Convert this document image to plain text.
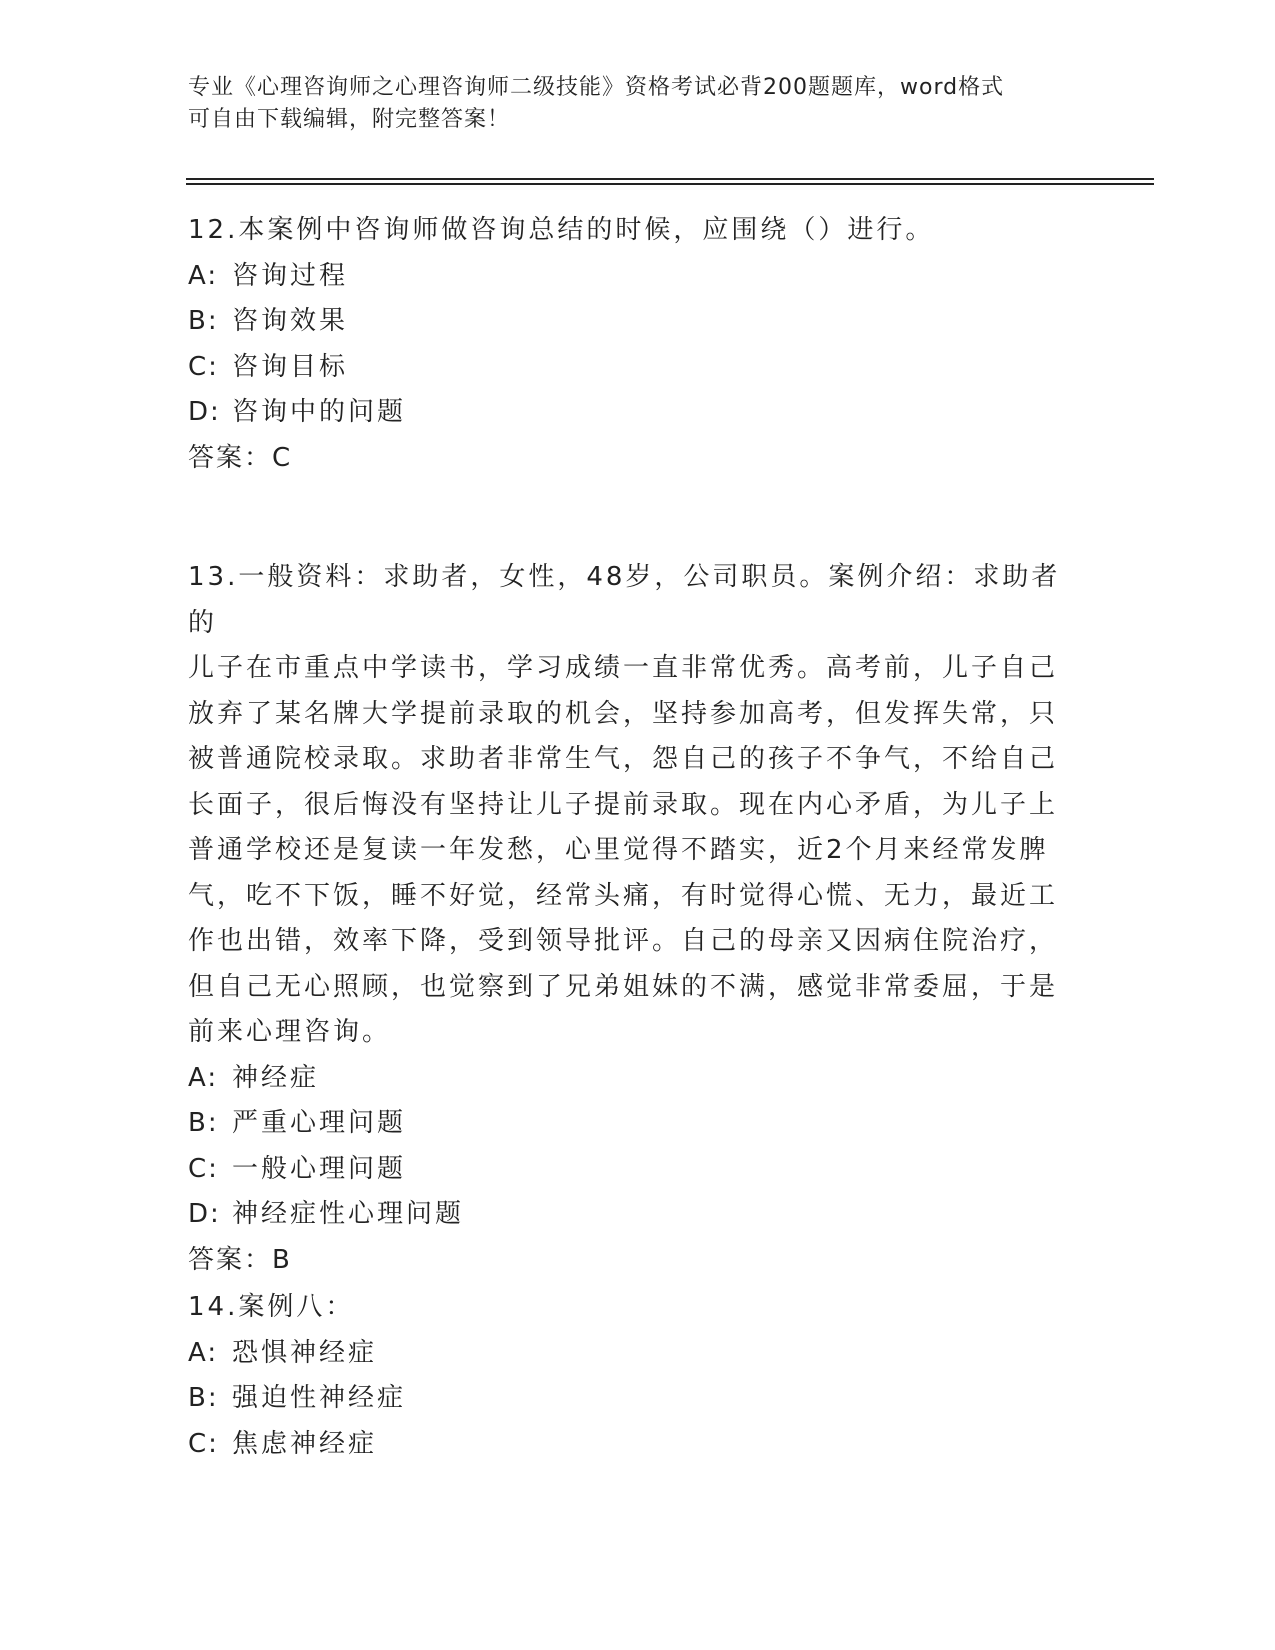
专业《心理咨询师之心理咨询师二级技能》资格考试必背200题题库，word格式
可自由下载编辑，附完整答案！

12.本案例中咨询师做咨询总结的时候，应围绕（）进行。

A: 咨询过程

B: 咨询效果

C: 咨询目标

D: 咨询中的问题

答案：C

13.一般资料：求助者，女性，48岁，公司职员。案例介绍：求助者的

儿子在市重点中学读书，学习成绩一直非常优秀。高考前，儿子自己

放弃了某名牌大学提前录取的机会，坚持参加高考，但发挥失常，只

被普通院校录取。求助者非常生气，怨自己的孩子不争气，不给自己

长面子，很后悔没有坚持让儿子提前录取。现在内心矛盾，为儿子上

普通学校还是复读一年发愁，心里觉得不踏实，近2个月来经常发脾

气，吃不下饭，睡不好觉，经常头痛，有时觉得心慌、无力，最近工

作也出错，效率下降，受到领导批评。自己的母亲又因病住院治疗，

但自己无心照顾，也觉察到了兄弟姐妹的不满，感觉非常委屈，于是

前来心理咨询。

A: 神经症

B: 严重心理问题

C: 一般心理问题

D: 神经症性心理问题

答案：B

14.案例八：

A: 恐惧神经症

B: 强迫性神经症

C: 焦虑神经症
